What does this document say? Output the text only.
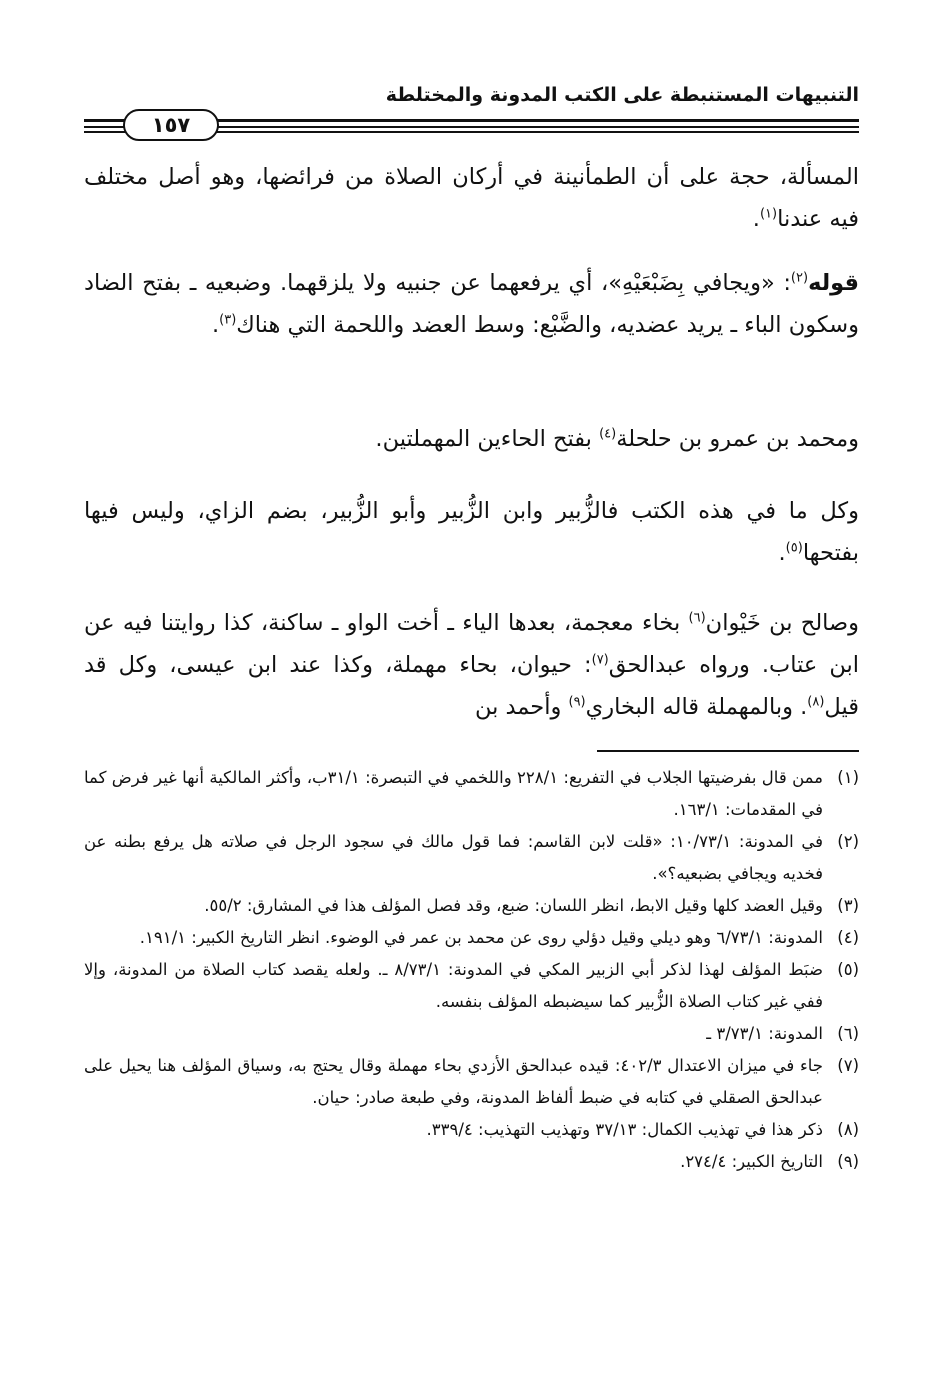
التنبيهات المستنبطة على الكتب المدونة والمختلطة
١٥٧

المسألة، حجة على أن الطمأنينة في أركان الصلاة من فرائضها، وهو أصل مختلف فيه عندنا$^{(١)}$.

قوله$^{(٢)}$: «ويجافي بِضَبْعَيْهِ»، أي يرفعهما عن جنبيه ولا يلزقهما. وضبعيه ـ بفتح الضاد وسكون الباء ـ يريد عضديه، والضَّبْع: وسط العضد واللحمة التي هناك$^{(٣)}$.

ومحمد بن عمرو بن حلحلة$^{(٤)}$ بفتح الحاءين المهملتين.

وكل ما في هذه الكتب فالزُّبير وابن الزُّبير وأبو الزُّبير، بضم الزاي، وليس فيها بفتحها$^{(٥)}$.

وصالح بن خَيْوان$^{(٦)}$ بخاء معجمة، بعدها الياء ـ أخت الواو ـ ساكنة، كذا روايتنا فيه عن ابن عتاب. ورواه عبدالحق$^{(٧)}$: حيوان، بحاء مهملة، وكذا عند ابن عيسى، وكل قد قيل$^{(٨)}$. وبالمهملة قاله البخاري$^{(٩)}$ وأحمد بن

(١)
ممن قال بفرضيتها الجلاب في التفريع: ٢٢٨/١ واللخمي في التبصرة: ٣١/١ب، وأكثر المالكية أنها غير فرض كما في المقدمات: ١٦٣/١.
(٢)
في المدونة: ١٠/٧٣/١: «قلت لابن القاسم: فما قول مالك في سجود الرجل في صلاته هل يرفع بطنه عن فخديه ويجافي بضبعيه؟».
(٣)
وقيل العضد كلها وقيل الابط، انظر اللسان: ضبع، وقد فصل المؤلف هذا في المشارق: ٥٥/٢.
(٤)
المدونة: ٦/٧٣/١ وهو ديلي وقيل دؤلي روى عن محمد بن عمر في الوضوء. انظر التاريخ الكبير: ١٩١/١.
(٥)
ضبَط المؤلف لهذا لذكر أبي الزبير المكي في المدونة: ٨/٧٣/١ ـ. ولعله يقصد كتاب الصلاة من المدونة، وإلا ففي غير كتاب الصلاة الزُّبير كما سيضبطه المؤلف بنفسه.
(٦)
المدونة: ٣/٧٣/١ ـ
(٧)
جاء في ميزان الاعتدال ٤٠٢/٣: قيده عبدالحق الأزدي بحاء مهملة وقال يحتج به، وسياق المؤلف هنا يحيل على عبدالحق الصقلي في كتابه في ضبط ألفاظ المدونة، وفي طبعة صادر: حيان.
(٨)
ذكر هذا في تهذيب الكمال: ٣٧/١٣ وتهذيب التهذيب: ٣٣٩/٤.
(٩)
التاريخ الكبير: ٢٧٤/٤.
